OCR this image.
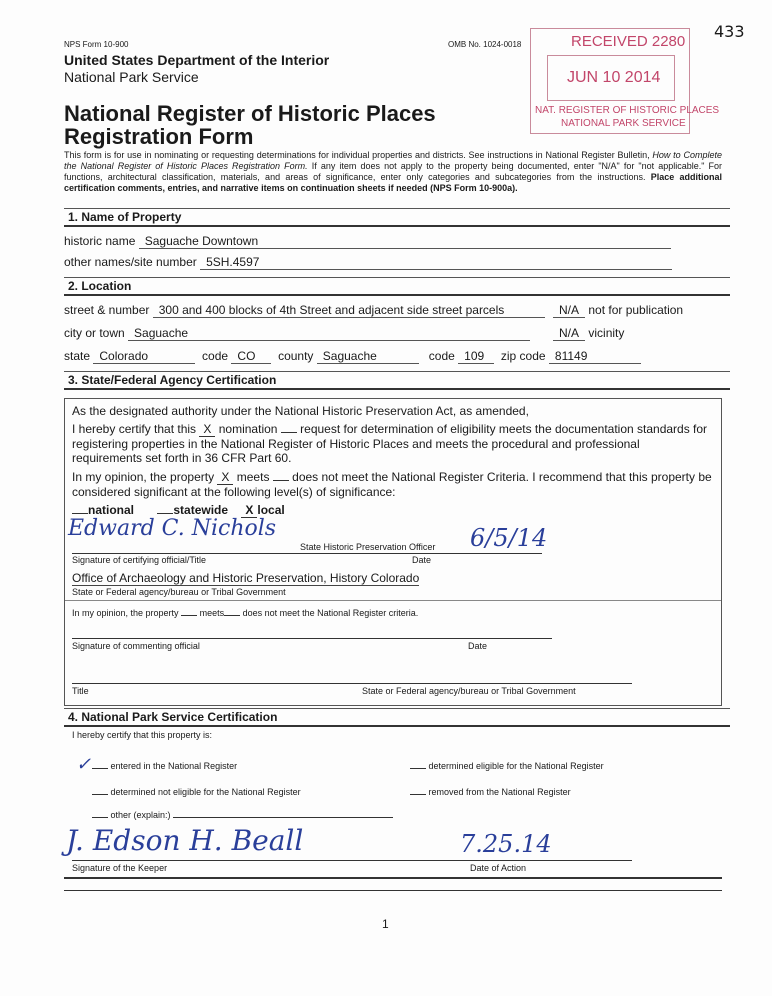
NPS Form 10-900
United States Department of the Interior
National Park Service
National Register of Historic Places
Registration Form
OMB No. 1024-0018
433
RECEIVED 2280
JUN 10 2014
NAT. REGISTER OF HISTORIC PLACES
NATIONAL PARK SERVICE
This form is for use in nominating or requesting determinations for individual properties and districts. See instructions in National Register Bulletin, How to Complete the National Register of Historic Places Registration Form. If any item does not apply to the property being documented, enter "N/A" for "not applicable." For functions, architectural classification, materials, and areas of significance, enter only categories and subcategories from the instructions. Place additional certification comments, entries, and narrative items on continuation sheets if needed (NPS Form 10-900a).
1. Name of Property
historic name Saguache Downtown
other names/site number 5SH.4597
2. Location
street & number 300 and 400 blocks of 4th Street and adjacent side street parcels	N/A not for publication
city or town Saguache	N/A vicinity
state Colorado	code CO county Saguache	code 109 zip code 81149
3. State/Federal Agency Certification
As the designated authority under the National Historic Preservation Act, as amended,
I hereby certify that this X nomination request for determination of eligibility meets the documentation standards for registering properties in the National Register of Historic Places and meets the procedural and professional requirements set forth in 36 CFR Part 60.
In my opinion, the property X meets does not meet the National Register Criteria. I recommend that this property be considered significant at the following level(s) of significance:
national	statewide X local
Edward C. Nichols
State Historic Preservation Officer 6/5/14
Signature of certifying official/Title	Date
Office of Archaeology and Historic Preservation, History Colorado
State or Federal agency/bureau or Tribal Government
In my opinion, the property meets does not meet the National Register criteria.
Signature of commenting official	Date
Title	State or Federal agency/bureau or Tribal Government
4. National Park Service Certification
I hereby certify that this property is:
✓	entered in the National Register	determined eligible for the National Register
determined not eligible for the National Register	removed from the National Register
other (explain:)
J. Edson H. Beall	7.25.14
Signature of the Keeper	Date of Action
1
